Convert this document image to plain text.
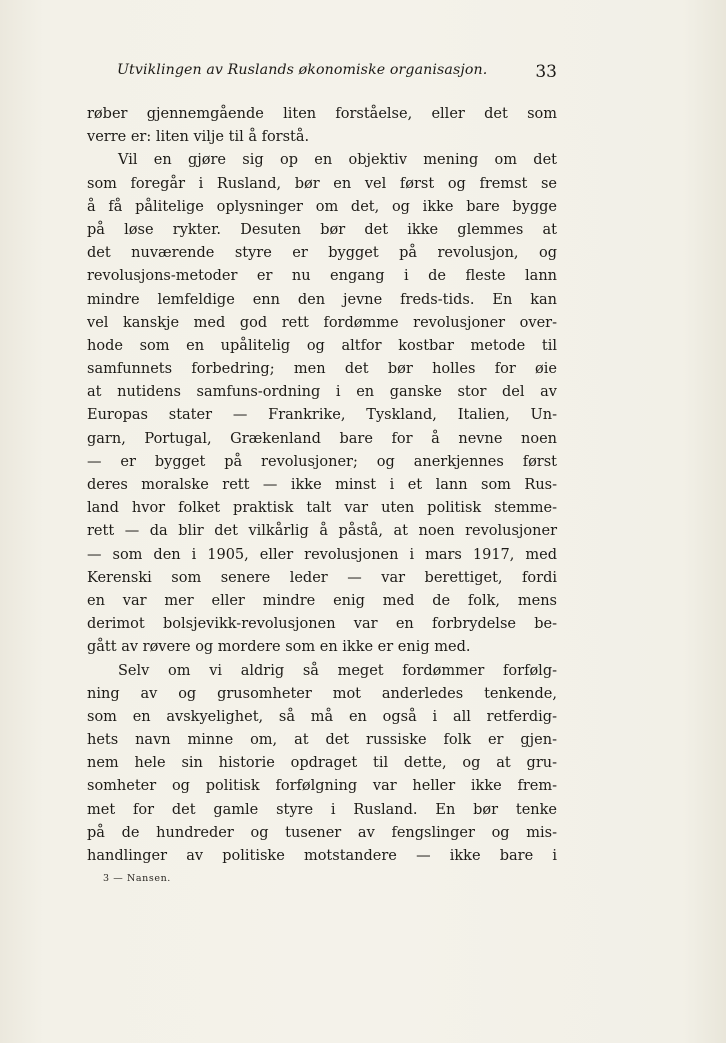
Utviklingen av Ruslands økonomiske organisasjon.	33
røber gjennemgående liten forståelse, eller det som
verre er: liten vilje til å forstå.
Vil en gjøre sig op en objektiv mening om det
som foregår i Rusland, bør en vel først og fremst se
å få pålitelige oplysninger om det, og ikke bare bygge
på løse rykter. Desuten bør det ikke glemmes at
det nuværende styre er bygget på revolusjon, og
revolusjons-metoder er nu engang i de fleste lann
mindre lemfeldige enn den jevne freds-tids. En kan
vel kanskje med god rett fordømme revolusjoner over-
hode som en upålitelig og altfor kostbar metode til
samfunnets forbedring; men det bør holles for øie
at nutidens samfuns-ordning i en ganske stor del av
Europas stater — Frankrike, Tyskland, Italien, Un-
garn, Portugal, Grækenland bare for å nevne noen
— er bygget på revolusjoner; og anerkjennes først
deres moralske rett — ikke minst i et lann som Rus-
land hvor folket praktisk talt var uten politisk stemme-
rett — da blir det vilkårlig å påstå, at noen revolusjoner
— som den i 1905, eller revolusjonen i mars 1917, med
Kerenski som senere leder — var berettiget, fordi
en var mer eller mindre enig med de folk, mens
derimot bolsjevikk-revolusjonen var en forbrydelse be-
gått av røvere og mordere som en ikke er enig med.
Selv om vi aldrig så meget fordømmer forfølg-
ning av og grusomheter mot anderledes tenkende,
som en avskyelighet, så må en også i all retferdig-
hets navn minne om, at det russiske folk er gjen-
nem hele sin historie opdraget til dette, og at gru-
somheter og politisk forfølgning var heller ikke frem-
met for det gamle styre i Rusland. En bør tenke
på de hundreder og tusener av fengslinger og mis-
handlinger av politiske motstandere — ikke bare i
3 — Nansen.
